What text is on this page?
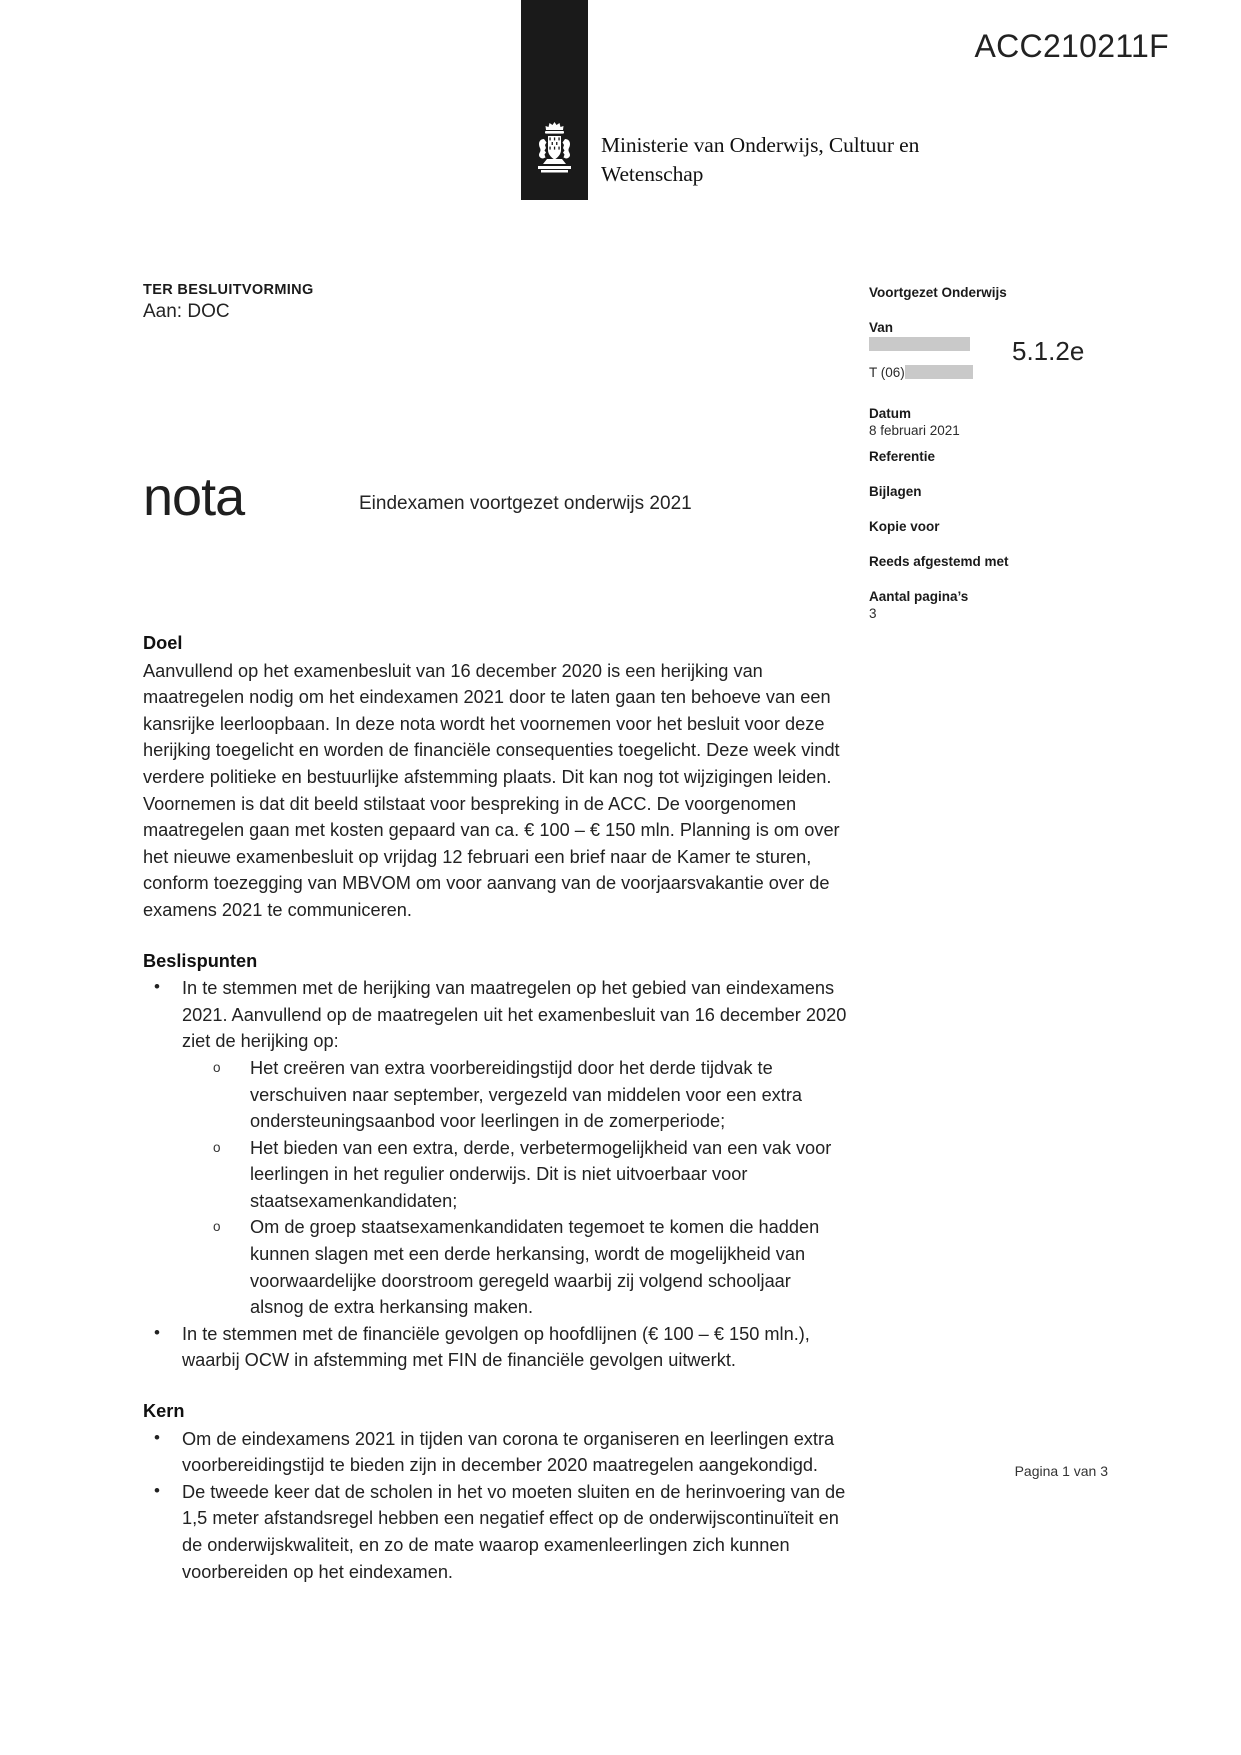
Ministerie van Onderwijs, Cultuur en
Wetenschap
ACC210211F
TER BESLUITVORMING
Aan: DOC
nota	Eindexamen voortgezet onderwijs 2021
Voortgezet Onderwijs
Van
T (06)
Datum
8 februari 2021
Referentie
Bijlagen
Kopie voor
Reeds afgestemd met
Aantal pagina’s
3
5.1.2e
Doel

Aanvullend op het examenbesluit van 16 december 2020 is een herijking van maatregelen nodig om het eindexamen 2021 door te laten gaan ten behoeve van een kansrijke leerloopbaan. In deze nota wordt het voornemen voor het besluit voor deze herijking toegelicht en worden de financiële consequenties toegelicht. Deze week vindt verdere politieke en bestuurlijke afstemming plaats. Dit kan nog tot wijzigingen leiden. Voornemen is dat dit beeld stilstaat voor bespreking in de ACC. De voorgenomen maatregelen gaan met kosten gepaard van ca. € 100 – € 150 mln. Planning is om over het nieuwe examenbesluit op vrijdag 12 februari een brief naar de Kamer te sturen, conform toezegging van MBVOM om voor aanvang van de voorjaarsvakantie over de examens 2021 te communiceren.

Beslispunten
• In te stemmen met de herijking van maatregelen op het gebied van eindexamens 2021. Aanvullend op de maatregelen uit het examenbesluit van 16 december 2020 ziet de herijking op:
o Het creëren van extra voorbereidingstijd door het derde tijdvak te verschuiven naar september, vergezeld van middelen voor een extra ondersteuningsaanbod voor leerlingen in de zomerperiode;
o Het bieden van een extra, derde, verbetermogelijkheid van een vak voor leerlingen in het regulier onderwijs. Dit is niet uitvoerbaar voor staatsexamenkandidaten;
o Om de groep staatsexamenkandidaten tegemoet te komen die hadden kunnen slagen met een derde herkansing, wordt de mogelijkheid van voorwaardelijke doorstroom geregeld waarbij zij volgend schooljaar alsnog de extra herkansing maken.
• In te stemmen met de financiële gevolgen op hoofdlijnen (€ 100 – € 150 mln.), waarbij OCW in afstemming met FIN de financiële gevolgen uitwerkt.
Kern
• Om de eindexamens 2021 in tijden van corona te organiseren en leerlingen extra voorbereidingstijd te bieden zijn in december 2020 maatregelen aangekondigd.
• De tweede keer dat de scholen in het vo moeten sluiten en de herinvoering van de 1,5 meter afstandsregel hebben een negatief effect op de onderwijscontinuïteit en de onderwijskwaliteit, en zo de mate waarop examenleerlingen zich kunnen voorbereiden op het eindexamen.
Pagina 1 van 3
